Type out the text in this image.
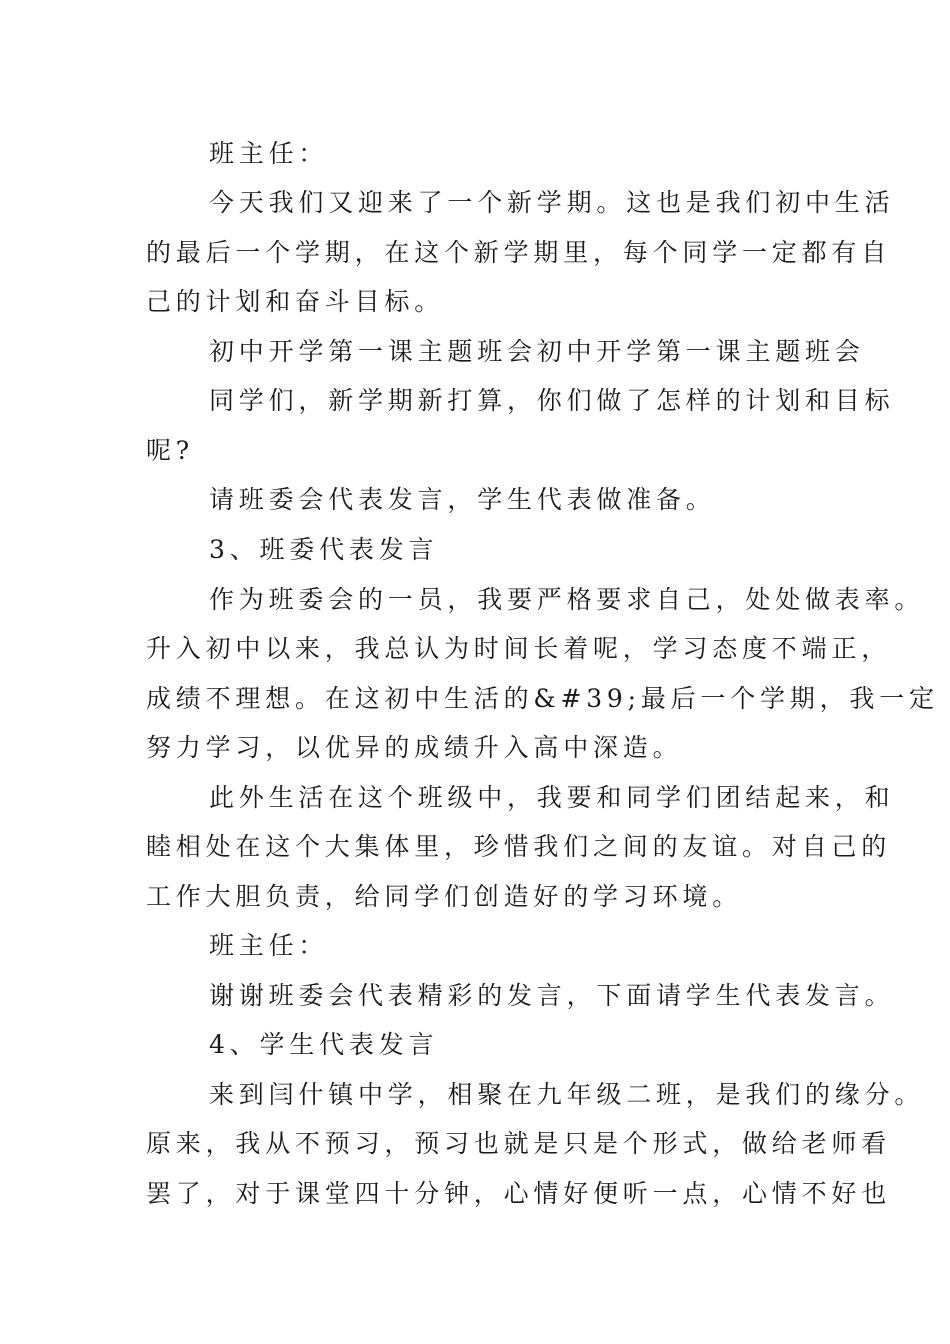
班主任：

今天我们又迎来了一个新学期。这也是我们初中生活

的最后一个学期，在这个新学期里，每个同学一定都有自

己的计划和奋斗目标。

初中开学第一课主题班会初中开学第一课主题班会

同学们，新学期新打算，你们做了怎样的计划和目标

呢?

请班委会代表发言，学生代表做准备。

3、班委代表发言

作为班委会的一员，我要严格要求自己，处处做表率。

升入初中以来，我总认为时间长着呢，学习态度不端正，

成绩不理想。在这初中生活的&#39;最后一个学期，我一定

努力学习，以优异的成绩升入高中深造。

此外生活在这个班级中，我要和同学们团结起来，和

睦相处在这个大集体里，珍惜我们之间的友谊。对自己的

工作大胆负责，给同学们创造好的学习环境。

班主任：

谢谢班委会代表精彩的发言，下面请学生代表发言。

4、学生代表发言

来到闫什镇中学，相聚在九年级二班，是我们的缘分。

原来，我从不预习，预习也就是只是个形式，做给老师看

罢了，对于课堂四十分钟，心情好便听一点，心情不好也
